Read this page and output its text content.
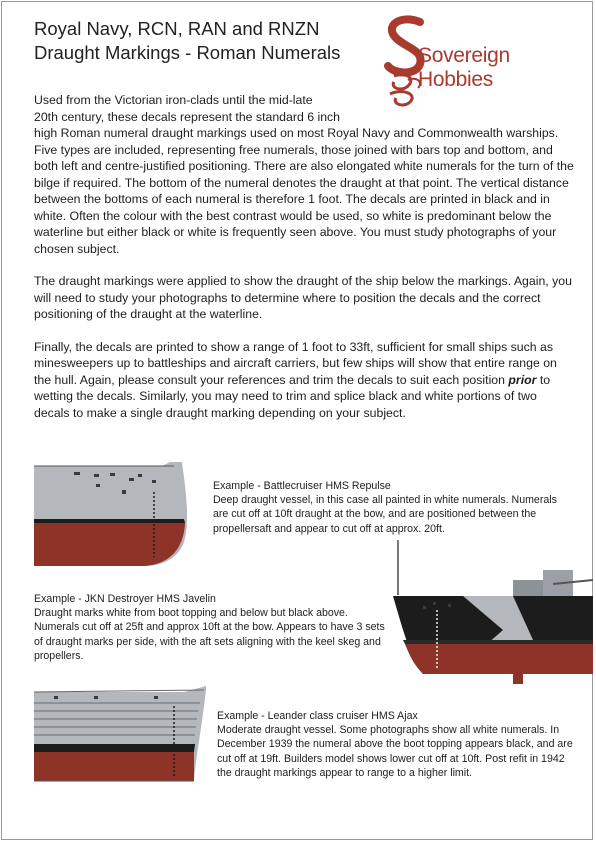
Royal Navy, RCN, RAN and RNZN
Draught Markings - Roman Numerals	Sovereign Hobbies

Used from the Victorian iron-clads until the mid-late
20th century, these decals represent the standard 6 inch
high Roman numeral draught markings used on most Royal Navy and Commonwealth warships. Five types are included, representing free numerals, those joined with bars top and bottom, and both left and centre-justified positioning. There are also elongated white numerals for the turn of the bilge if required. The bottom of the numeral denotes the draught at that point. The vertical distance between the bottoms of each numeral is therefore 1 foot. The decals are printed in black and in white. Often the colour with the best contrast would be used, so white is predominant below the waterline but either black or white is frequently seen above. You must study photographs of your chosen subject.

The draught markings were applied to show the draught of the ship below the markings. Again, you will need to study your photographs to determine where to position the decals and the correct positioning of the draught at the waterline.

Finally, the decals are printed to show a range of 1 foot to 33ft, sufficient for small ships such as minesweepers up to battleships and aircraft carriers, but few ships will show that entire range on the hull. Again, please consult your references and trim the decals to suit each position prior to wetting the decals. Similarly, you may need to trim and splice black and white portions of two decals to make a single draught marking depending on your subject.

Example - Battlecruiser HMS Repulse
Deep draught vessel, in this case all painted in white numerals. Numerals are cut off at 10ft draught at the bow, and are positioned between the propellersaft and appear to cut off at approx. 20ft.
Example - JKN Destroyer HMS Javelin
Draught marks white from boot topping and below but black above. Numerals cut off at 25ft and approx 10ft at the bow. Appears to have 3 sets of draught marks per side, with the aft sets aligning with the keel skeg and propellers.
Example - Leander class cruiser HMS Ajax
Moderate draught vessel. Some photographs show all white numerals. In December 1939 the numeral above the boot topping appears black, and are cut off at 19ft. Builders model shows lower cut off at 10ft. Post refit in 1942 the draught markings appear to range to a higher limit.
